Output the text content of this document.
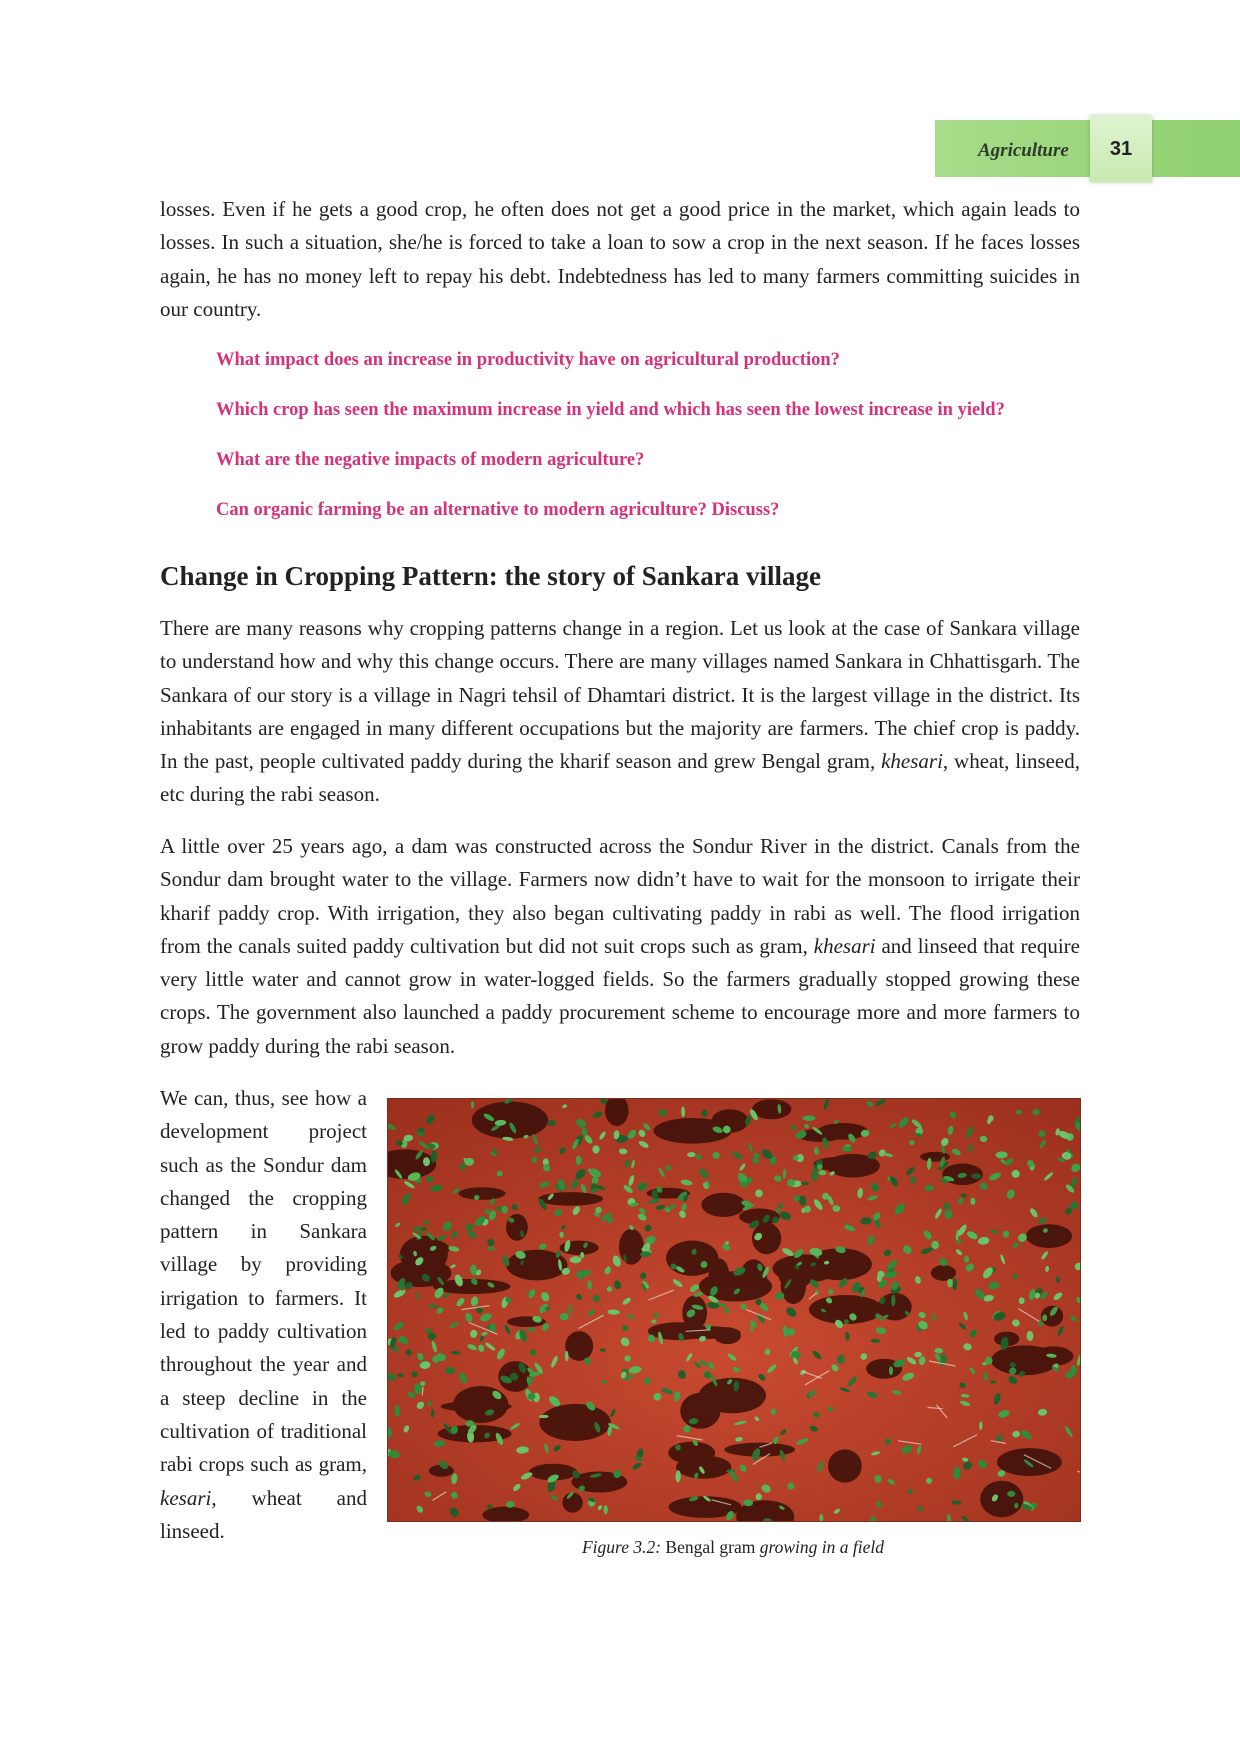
Agriculture	31

losses. Even if he gets a good crop, he often does not get a good price in the market, which again leads to losses. In such a situation, she/he is forced to take a loan to sow a crop in the next season. If he faces losses again, he has no money left to repay his debt. Indebtedness has led to many farmers committing suicides in our country.

What impact does an increase in productivity have on agricultural production?

Which crop has seen the maximum increase in yield and which has seen the lowest increase in yield?

What are the negative impacts of modern agriculture?

Can organic farming be an alternative to modern agriculture? Discuss?

Change in Cropping Pattern: the story of Sankara village

There are many reasons why cropping patterns change in a region. Let us look at the case of Sankara village to understand how and why this change occurs. There are many villages named Sankara in Chhattisgarh. The Sankara of our story is a village in Nagri tehsil of Dhamtari district. It is the largest village in the district. Its inhabitants are engaged in many different occupations but the majority are farmers. The chief crop is paddy. In the past, people cultivated paddy during the kharif season and grew Bengal gram, khesari, wheat, linseed, etc during the rabi season.

A little over 25 years ago, a dam was constructed across the Sondur River in the district. Canals from the Sondur dam brought water to the village. Farmers now didn’t have to wait for the monsoon to irrigate their kharif paddy crop. With irrigation, they also began cultivating paddy in rabi as well. The flood irrigation from the canals suited paddy cultivation but did not suit crops such as gram, khesari and linseed that require very little water and cannot grow in water-logged fields. So the farmers gradually stopped growing these crops. The government also launched a paddy procurement scheme to encourage more and more farmers to grow paddy during the rabi season.

We can, thus, see how a development project such as the Sondur dam changed the cropping pattern in Sankara village by providing irrigation to farmers. It led to paddy cultivation throughout the year and a steep decline in the cultivation of traditional rabi crops such as gram, kesari, wheat and linseed.

Figure 3.2: Bengal gram growing in a field
